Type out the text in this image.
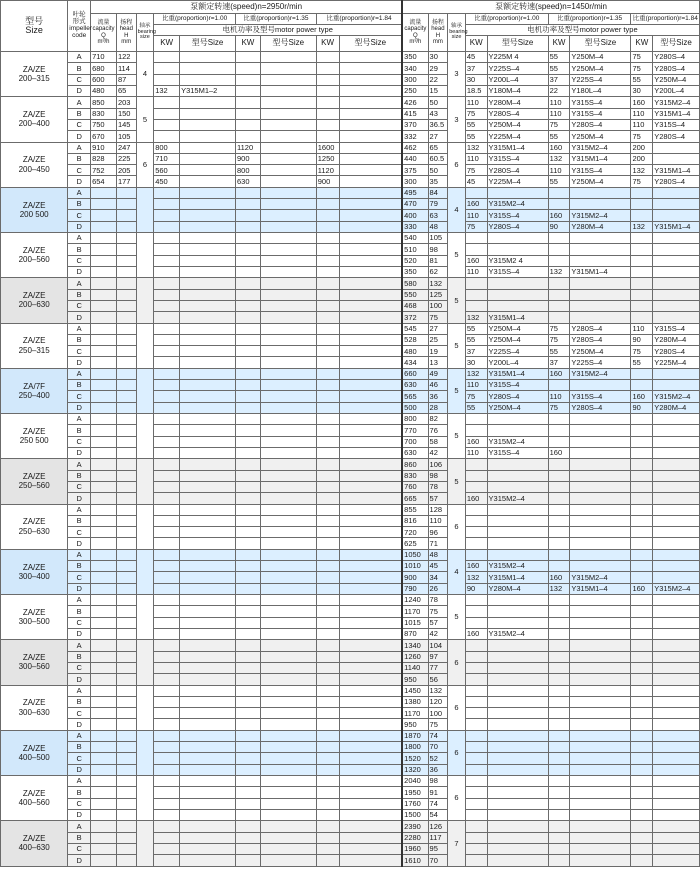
型号
Size	叶轮
形式
impeller
code	泵额定转速(speed)n=2950r/min									泵额定转速(speed)n=1450r/min								
		流量
capacity
Q
m³/h	扬程
head
H
mm	轴承
bearing
size	比重(proportion)r=1.00		比重(proportion)r=1.35		比重(proportion)r=1.84		流量
capacity
Q
m³/h	扬程
head
H
mm	轴承
bearing
size	比重(proportion)r=1.00		比重(proportion)r=1.35		比重(proportion)r=1.84	
					电机功率及型号motor power type									电机功率及型号motor power type					
					KW	型号Size	KW	型号Size	KW	型号Size				KW	型号Size	KW	型号Size	KW	型号Size
ZA/ZE
200–315	A	710	122	4							350	30	3	45	Y225M 4	55	Y250M–4	75	Y280S–4
	B	680	114								340	29		37	Y225S–4	55	Y250M–4	75	Y280S–4
	C	600	87								300	22		30	Y200L–4	37	Y225S–4	55	Y250M–4
	D	480	65		132	Y315M1–2					250	15		18.5	Y180M–4	22	Y180L–4	30	Y200L–4
ZA/ZE
200–400	A	850	203	5							426	50	3	110	Y280M–4	110	Y315S–4	160	Y315M2–4
	B	830	150								415	43		75	Y280S–4	110	Y315S–4	110	Y315M1–4
	C	750	145								370	36.5		55	Y250M–4	75	Y280S–4	110	Y315S–4
	D	670	105								332	27		55	Y225M–4	55	Y250M–4	75	Y280S–4
ZA/ZE
200–450	A	910	247	6	800		1120		1600		462	65	6	132	Y315M1–4	160	Y315M2–4	200	
	B	828	225		710		900		1250		440	60.5		110	Y315S–4	132	Y315M1–4	200	
	C	752	205		560		800		1120		375	50		75	Y280S–4	110	Y315S–4	132	Y315M1–4
	D	654	177		450		630		900		300	35		45	Y225M–4	55	Y250M–4	75	Y280S–4
ZA/ZE
200 500	A										495	84	4						
	B										470	79		160	Y315M2–4				
	C										400	63		110	Y315S–4	160	Y315M2–4		
	D										330	48		75	Y280S–4	90	Y280M–4	132	Y315M1–4
ZA/ZE
200–560	A										540	105	5						
	B										510	98							
	C										520	81		160	Y315M2 4				
	D										350	62		110	Y315S–4	132	Y315M1–4		
ZA/ZE
200–630	A										580	132	5						
	B										550	125							
	C										468	100							
	D										372	75		132	Y315M1–4				
ZA/ZE
250–315	A										545	27	5	55	Y250M–4	75	Y280S–4	110	Y315S–4
	B										528	25		55	Y250M–4	75	Y280S–4	90	Y280M–4
	C										480	19		37	Y225S–4	55	Y250M–4	75	Y280S–4
	D										434	13		30	Y200L–4	37	Y225S–4	55	Y225M–4
ZA/7F
250–400	A										660	49	5	132	Y315M1–4	160	Y315M2–4		
	B										630	46		110	Y315S–4				
	C										565	36		75	Y280S–4	110	Y315S–4	160	Y315M2–4
	D										500	28		55	Y250M–4	75	Y280S–4	90	Y280M–4
ZA/ZE
250 500	A										800	82	5						
	B										770	76							
	C										700	58		160	Y315M2–4				
	D										630	42		110	Y315S–4	160			
ZA/ZE
250–560	A										860	106	5						
	B										830	98							
	C										760	78							
	D										665	57		160	Y315M2–4				
ZA/ZE
250–630	A										855	128	6						
	B										816	110							
	C										720	96							
	D										625	71							
ZA/ZE
300–400	A										1050	48	4						
	B										1010	45		160	Y315M2–4				
	C										900	34		132	Y315M1–4	160	Y315M2–4		
	D										790	26		90	Y280M–4	132	Y315M1–4	160	Y315M2–4
ZA/ZE
300–500	A										1240	78	5						
	B										1170	75							
	C										1015	57							
	D										870	42		160	Y315M2–4				
ZA/ZE
300–560	A										1340	104	6						
	B										1260	97							
	C										1140	77							
	D										950	56							
ZA/ZE
300–630	A										1450	132	6						
	B										1380	120							
	C										1170	100							
	D										950	75							
ZA/ZE
400–500	A										1870	74	6						
	B										1800	70							
	C										1520	52							
	D										1320	36							
ZA/ZE
400–560	A										2040	98	6						
	B										1950	91							
	C										1760	74							
	D										1500	54							
ZA/ZE
400–630	A										2390	126	7						
	B										2280	117							
	C										1960	95							
	D										1610	70							
